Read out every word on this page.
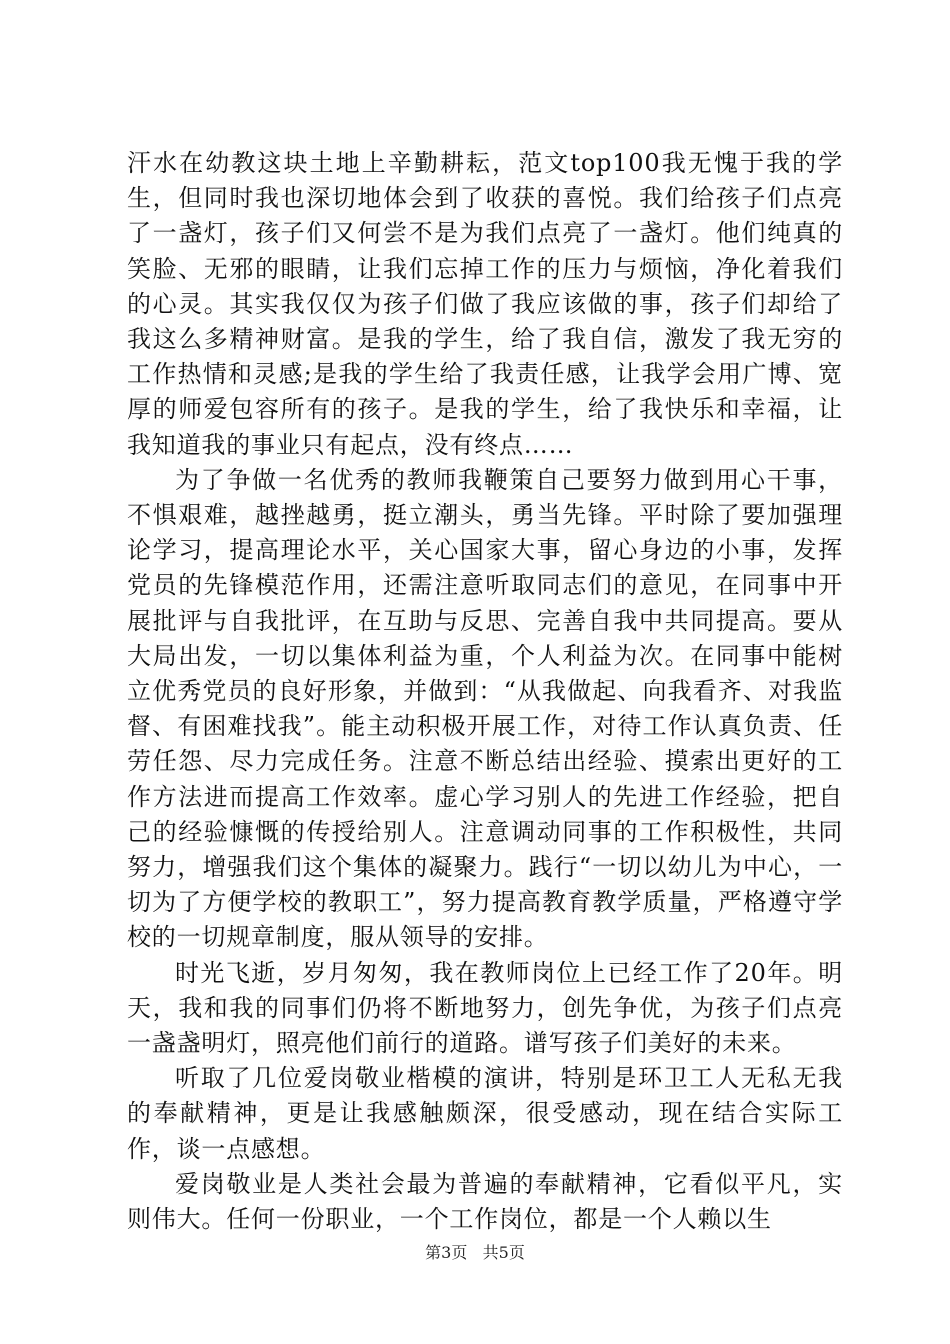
汗水在幼教这块土地上辛勤耕耘，范文top100我无愧于我的学生，但同时我也深切地体会到了收获的喜悦。我们给孩子们点亮了一盏灯，孩子们又何尝不是为我们点亮了一盏灯。他们纯真的笑脸、无邪的眼睛，让我们忘掉工作的压力与烦恼，净化着我们的心灵。其实我仅仅为孩子们做了我应该做的事，孩子们却给了我这么多精神财富。是我的学生，给了我自信，激发了我无穷的工作热情和灵感;是我的学生给了我责任感，让我学会用广博、宽厚的师爱包容所有的孩子。是我的学生，给了我快乐和幸福，让我知道我的事业只有起点，没有终点……

为了争做一名优秀的教师我鞭策自己要努力做到用心干事，不惧艰难，越挫越勇，挺立潮头，勇当先锋。平时除了要加强理论学习，提高理论水平，关心国家大事，留心身边的小事，发挥党员的先锋模范作用，还需注意听取同志们的意见，在同事中开展批评与自我批评，在互助与反思、完善自我中共同提高。要从大局出发，一切以集体利益为重，个人利益为次。在同事中能树立优秀党员的良好形象，并做到：“从我做起、向我看齐、对我监督、有困难找我”。能主动积极开展工作，对待工作认真负责、任劳任怨、尽力完成任务。注意不断总结出经验、摸索出更好的工作方法进而提高工作效率。虚心学习别人的先进工作经验，把自己的经验慷慨的传授给别人。注意调动同事的工作积极性，共同努力，增强我们这个集体的凝聚力。践行“一切以幼儿为中心，一切为了方便学校的教职工”，努力提高教育教学质量，严格遵守学校的一切规章制度，服从领导的安排。

时光飞逝，岁月匆匆，我在教师岗位上已经工作了20年。明天，我和我的同事们仍将不断地努力，创先争优，为孩子们点亮一盏盏明灯，照亮他们前行的道路。谱写孩子们美好的未来。

听取了几位爱岗敬业楷模的演讲，特别是环卫工人无私无我的奉献精神，更是让我感触颇深，很受感动，现在结合实际工作，谈一点感想。

爱岗敬业是人类社会最为普遍的奉献精神，它看似平凡，实则伟大。任何一份职业，一个工作岗位，都是一个人赖以生

第3页 共5页
